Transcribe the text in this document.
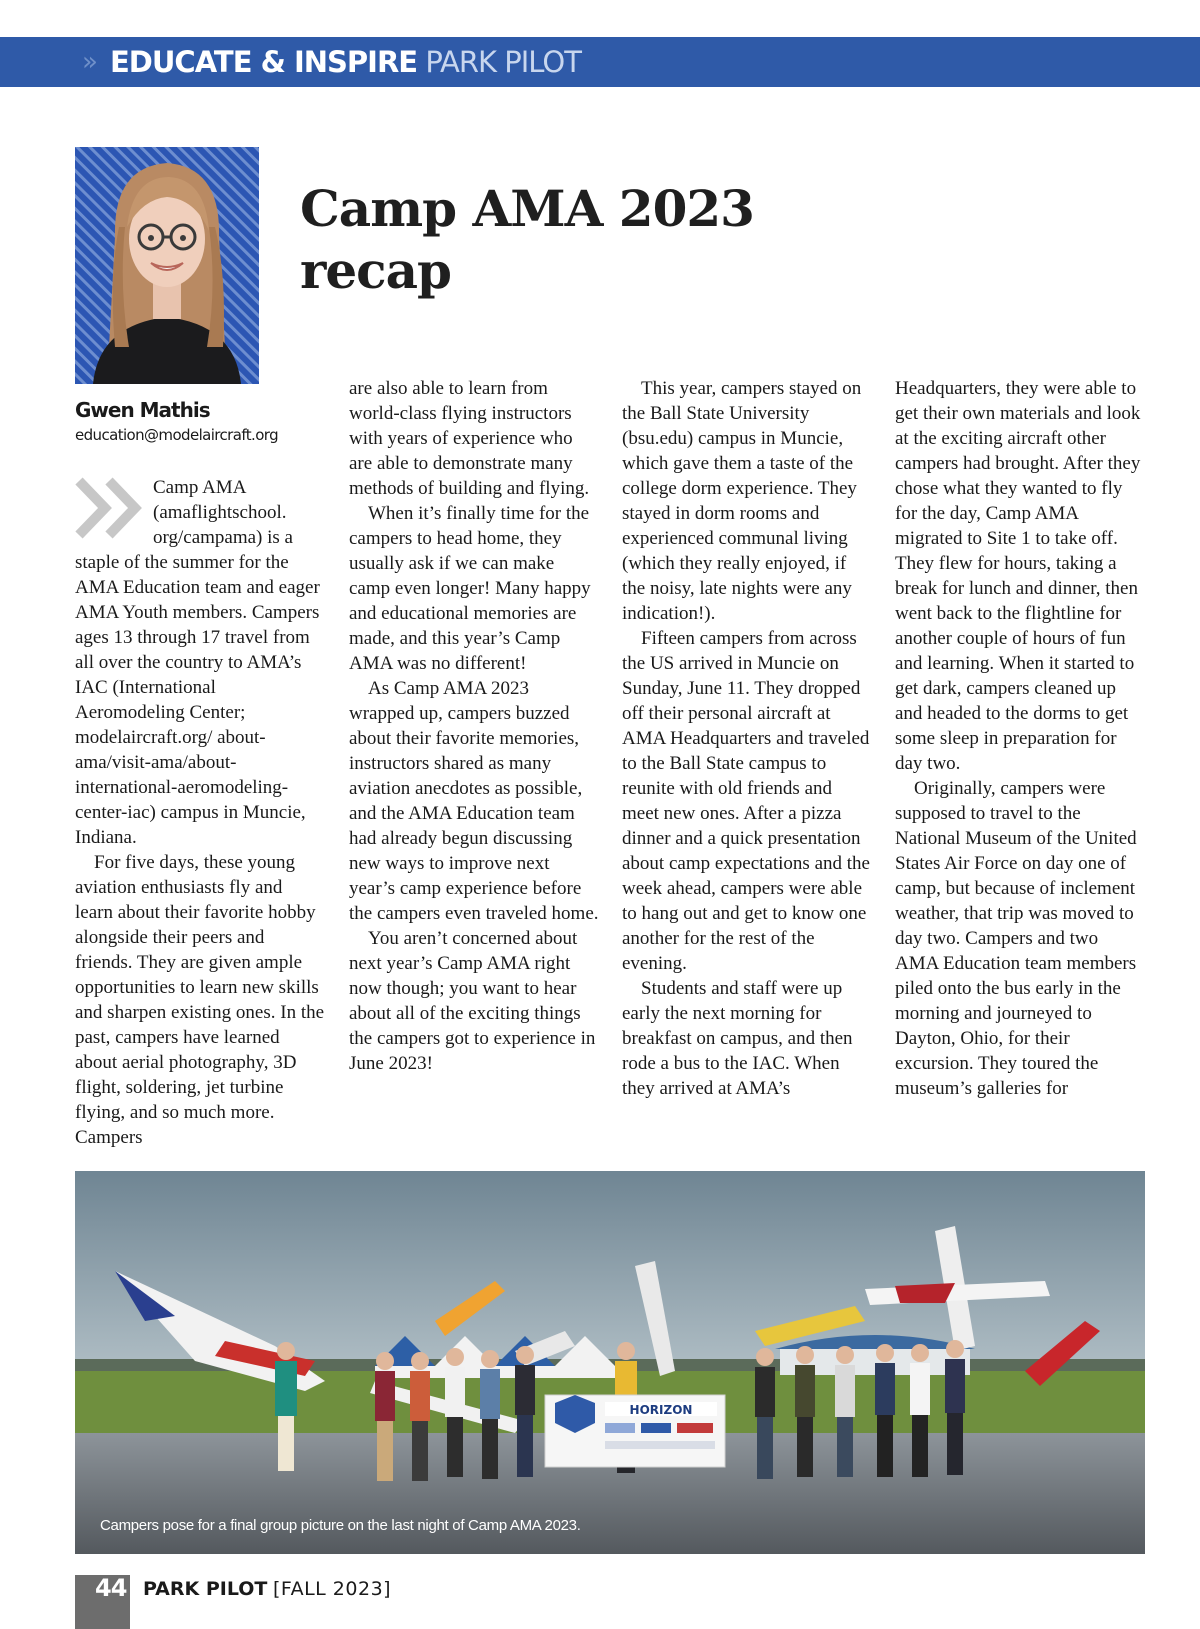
» EDUCATE & INSPIRE PARK PILOT
Gwen Mathis
education@modelaircraft.org
Camp AMA 2023 recap

Camp AMA (amaflightschool. org/campama) is a staple of the summer for the AMA Education team and eager AMA Youth members. Campers ages 13 through 17 travel from all over the country to AMA’s IAC (International Aeromodeling Center; modelaircraft.org/ about-ama/visit-ama/about- international-aeromodeling- center-iac) campus in Muncie, Indiana.

For five days, these young aviation enthusiasts fly and learn about their favorite hobby alongside their peers and friends. They are given ample opportunities to learn new skills and sharpen existing ones. In the past, campers have learned about aerial photography, 3D flight, soldering, jet turbine flying, and so much more. Campers

are also able to learn from world-class flying instructors with years of experience who are able to demonstrate many methods of building and flying.

When it’s finally time for the campers to head home, they usually ask if we can make camp even longer! Many happy and educational memories are made, and this year’s Camp AMA was no different!

As Camp AMA 2023 wrapped up, campers buzzed about their favorite memories, instructors shared as many aviation anecdotes as possible, and the AMA Education team had already begun discussing new ways to improve next year’s camp experience before the campers even traveled home.

You aren’t concerned about next year’s Camp AMA right now though; you want to hear about all of the exciting things the campers got to experience in June 2023!

This year, campers stayed on the Ball State University (bsu.edu) campus in Muncie, which gave them a taste of the college dorm experience. They stayed in dorm rooms and experienced communal living (which they really enjoyed, if the noisy, late nights were any indication!).

Fifteen campers from across the US arrived in Muncie on Sunday, June 11. They dropped off their personal aircraft at AMA Headquarters and traveled to the Ball State campus to reunite with old friends and meet new ones. After a pizza dinner and a quick presentation about camp expectations and the week ahead, campers were able to hang out and get to know one another for the rest of the evening.

Students and staff were up early the next morning for breakfast on campus, and then rode a bus to the IAC. When they arrived at AMA’s

Headquarters, they were able to get their own materials and look at the exciting aircraft other campers had brought. After they chose what they wanted to fly for the day, Camp AMA migrated to Site 1 to take off. They flew for hours, taking a break for lunch and dinner, then went back to the flightline for another couple of hours of fun and learning. When it started to get dark, campers cleaned up and headed to the dorms to get some sleep in preparation for day two.

Originally, campers were supposed to travel to the National Museum of the United States Air Force on day one of camp, but because of inclement weather, that trip was moved to day two. Campers and two AMA Education team members piled onto the bus early in the morning and journeyed to Dayton, Ohio, for their excursion. They toured the museum’s galleries for

HORIZON
Campers pose for a final group picture on the last night of Camp AMA 2023.
44 PARK PILOT [FALL 2023]
